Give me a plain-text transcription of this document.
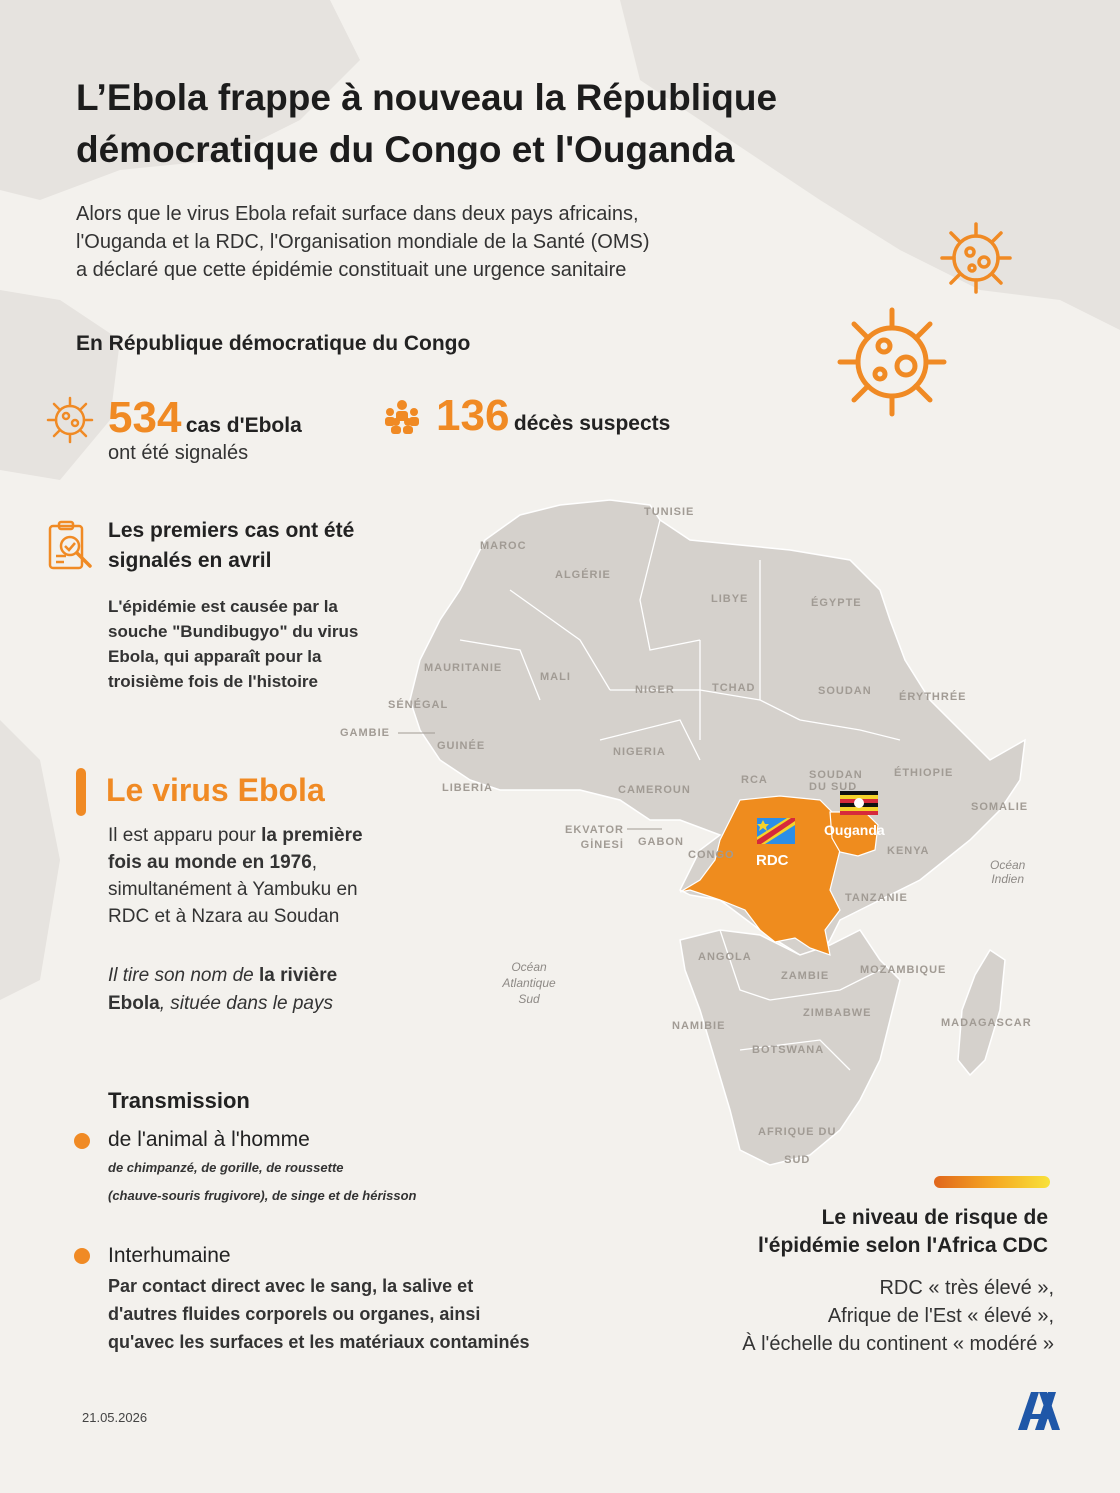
TUNISIE
MAROC
ALGÉRIE
LIBYE	ÉGYPTE
MAURITANIE
MALI
NIGER	TCHAD	SOUDAN ÉRYTHRÉE
SÉNÉGAL
GAMBIE
GUINÉE	NIGERIA
LIBERIA
ÉTHIOPIE
RCA	SOUDAN
DU SUD
CAMEROUN
SOMALIE
EKVATOR
GİNESİ GABON
CONGO	KENYA
RDC
Ouganda
Océan
Indien
TANZANIE
ANGOLA
Océan
Atlantique
Sud
ZAMBIE	MOZAMBIQUE
ZIMBABWE
NAMIBIE	MADAGASCAR
BOTSWANA
AFRIQUE DU
SUD
L’Ebola frappe à nouveau la République
démocratique du Congo et l'Ouganda
Alors que le virus Ebola refait surface dans deux pays africains,
l'Ouganda et la RDC, l'Organisation mondiale de la Santé (OMS)
a déclaré que cette épidémie constituait une urgence sanitaire
En République démocratique du Congo
534 cas d'Ebola
ont été signalés
136 décès suspects
Les premiers cas ont été
signalés en avril
L'épidémie est causée par la
souche "Bundibugyo" du virus
Ebola, qui apparaît pour la
troisième fois de l'histoire
Le virus Ebola
Il est apparu pour la première
fois au monde en 1976,
simultanément à Yambuku en
RDC et à Nzara au Soudan
Il tire son nom de la rivière
Ebola, située dans le pays
Transmission
de l'animal à l'homme
de chimpanzé, de gorille, de roussette
(chauve-souris frugivore), de singe et de hérisson
Interhumaine
Par contact direct avec le sang, la salive et
d'autres fluides corporels ou organes, ainsi
qu'avec les surfaces et les matériaux contaminés
Le niveau de risque de
l'épidémie selon l'Africa CDC
RDC « très élevé »,
Afrique de l'Est « élevé »,
À l'échelle du continent « modéré »
21.05.2026
